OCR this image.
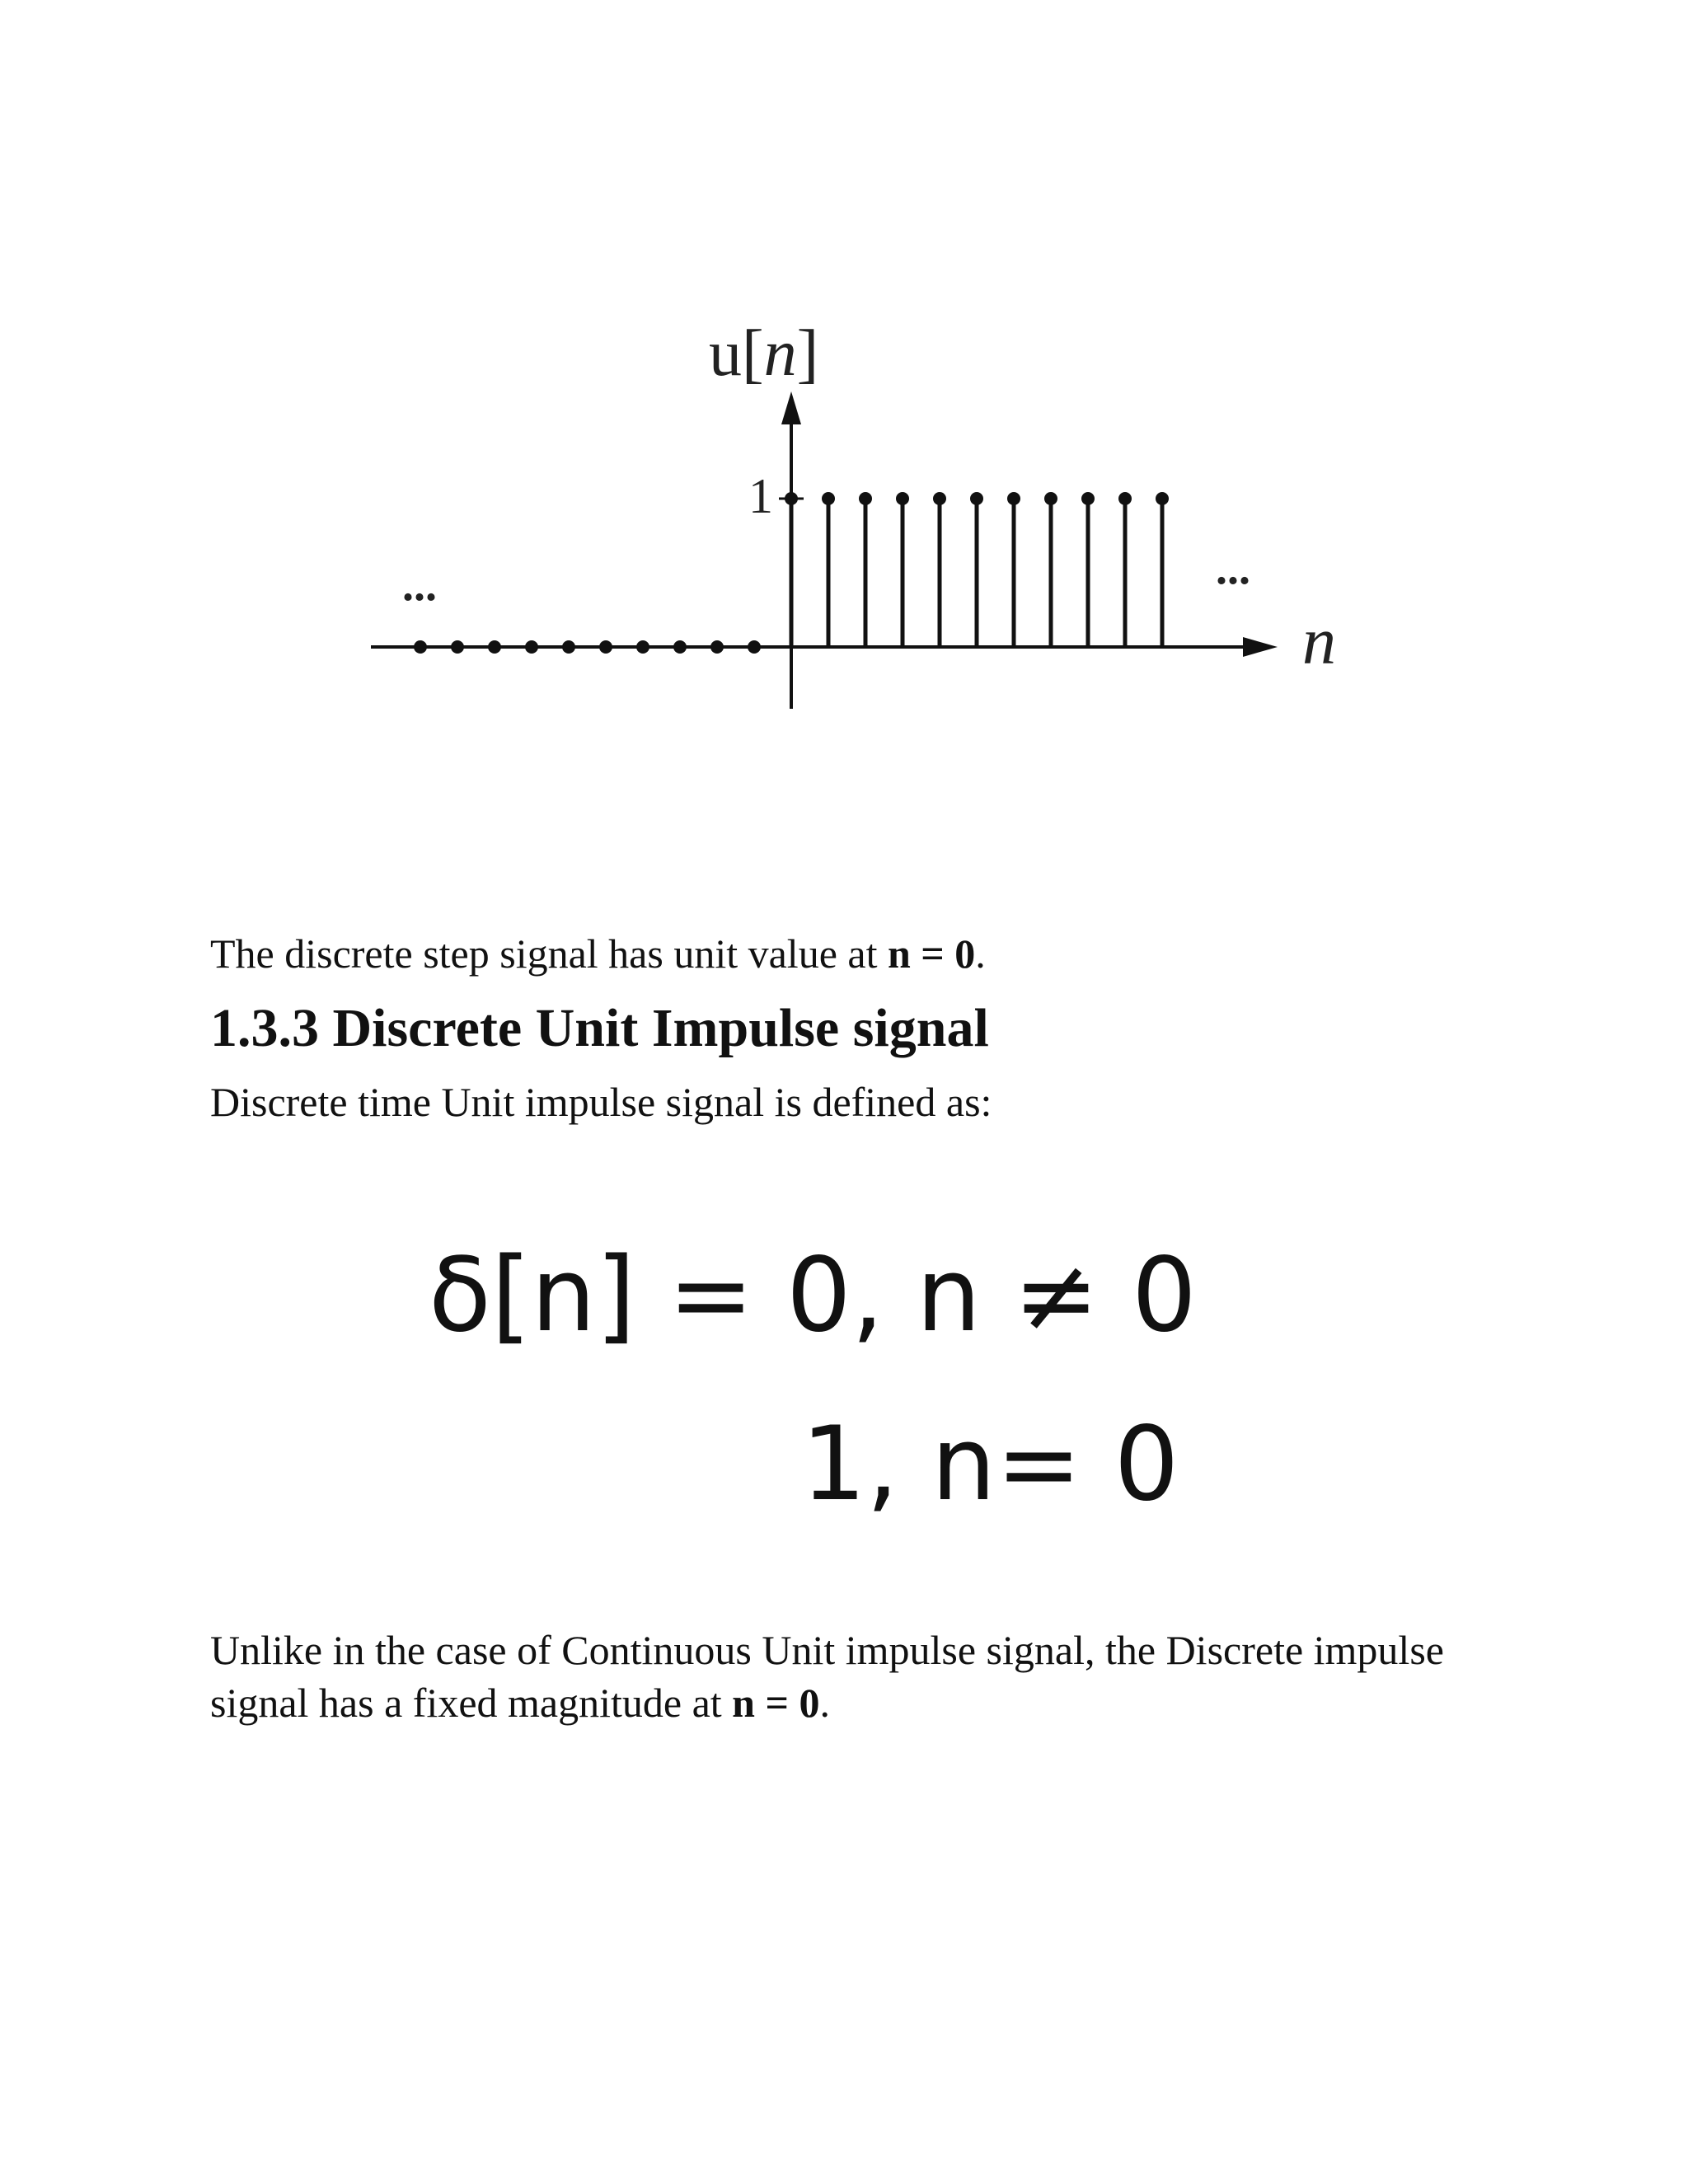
u[n]
1
n
...	...

The discrete step signal has unit value at n = 0.

1.3.3 Discrete Unit Impulse signal

Discrete time Unit impulse signal is defined as:

δ[n] = 0, n ≠ 0
1, n= 0

Unlike in the case of Continuous Unit impulse signal, the Discrete impulse
signal has a fixed magnitude at n = 0.
